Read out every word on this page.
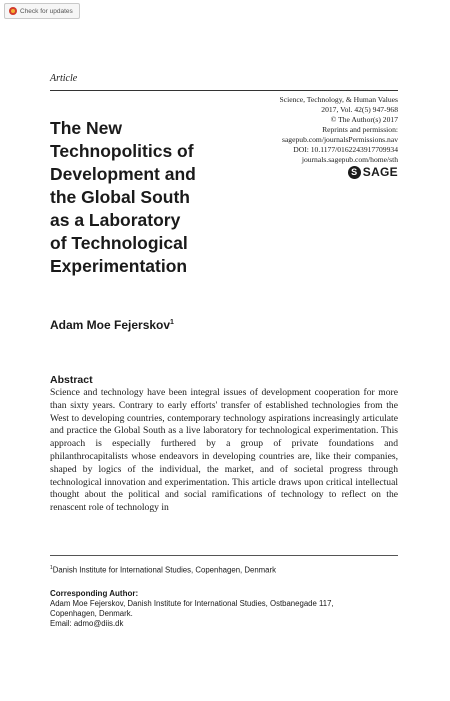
Check for updates
Article
Science, Technology, & Human Values
2017, Vol. 42(5) 947-968
© The Author(s) 2017
Reprints and permission:
sagepub.com/journalsPermissions.nav
DOI: 10.1177/0162243917709934
journals.sagepub.com/home/sth
S SAGE
The New
Technopolitics of
Development and
the Global South
as a Laboratory
of Technological
Experimentation

Adam Moe Fejerskov$^1$

Abstract

Science and technology have been integral issues of development cooperation for more than sixty years. Contrary to early efforts' transfer of established technologies from the West to developing countries, contemporary technology aspirations increasingly articulate and practice the Global South as a live laboratory for technological experimentation. This approach is especially furthered by a group of private foundations and philanthrocapitalists whose endeavors in developing countries are, like their companies, shaped by logics of the individual, the market, and of societal progress through technological innovation and experimentation. This article draws upon critical intellectual thought about the political and social ramifications of technology to reflect on the renascent role of technology in

$^1$Danish Institute for International Studies, Copenhagen, Denmark

Corresponding Author:

Adam Moe Fejerskov, Danish Institute for International Studies, Ostbanegade 117,
Copenhagen, Denmark.
Email: admo@diis.dk
